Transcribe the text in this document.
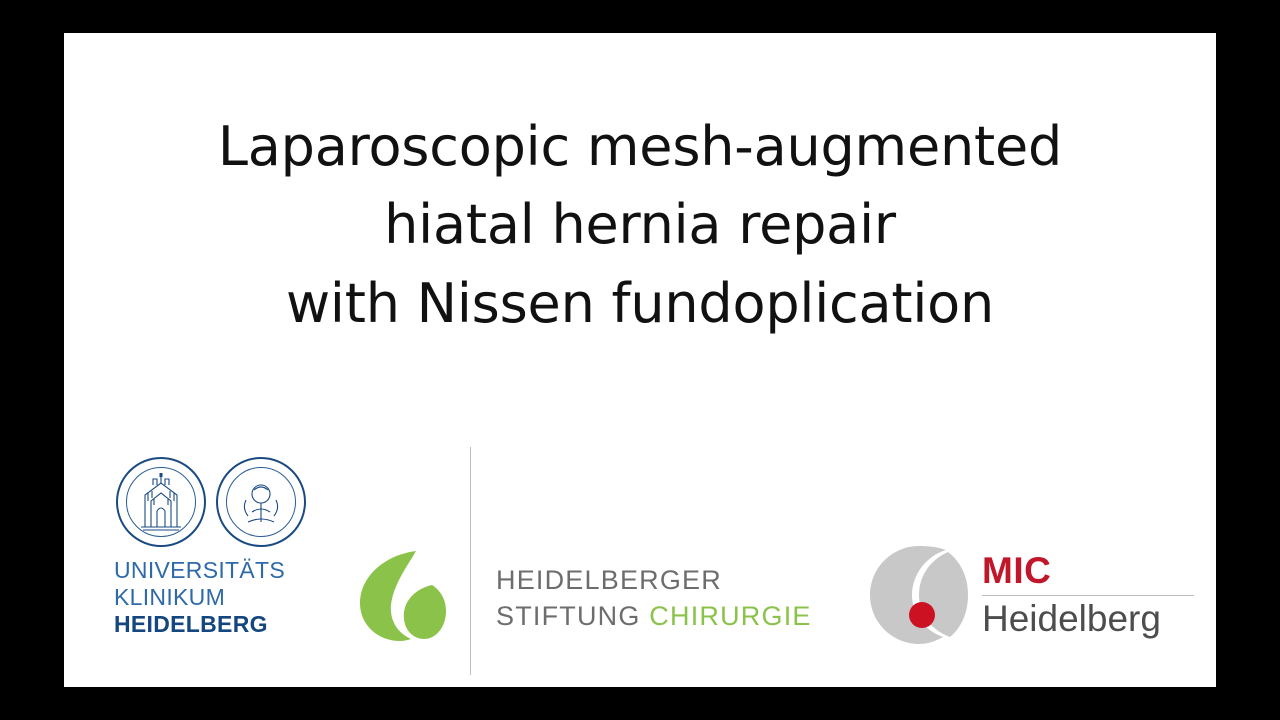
Laparoscopic mesh-augmented
hiatal hernia repair
with Nissen fundoplication
UNIVERSITÄTS
KLINIKUM
HEIDELBERG
HEIDELBERGER
STIFTUNG CHIRURGIE
MIC
Heidelberg
